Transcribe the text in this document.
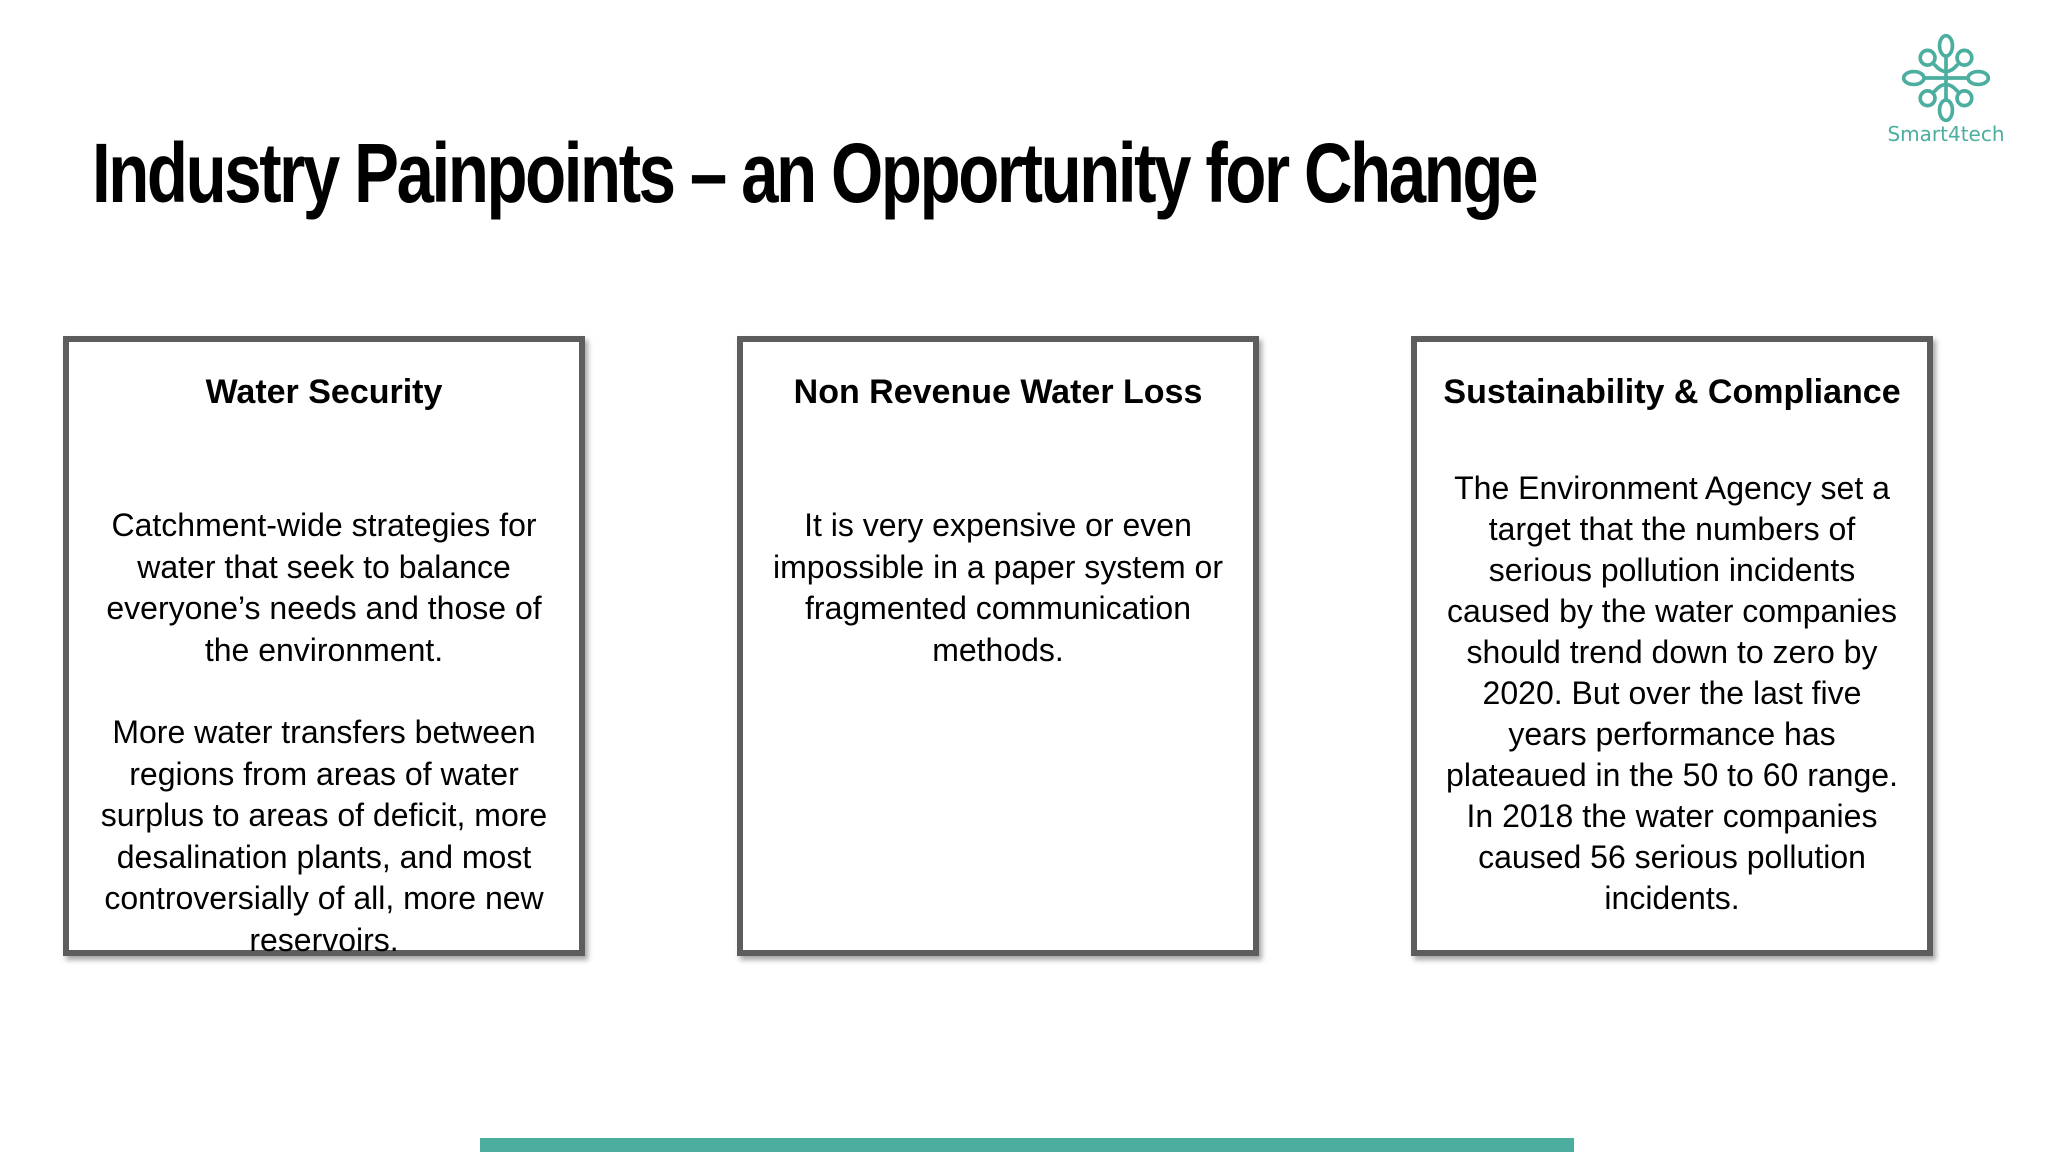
Industry Painpoints – an Opportunity for Change	Smart4tech
Water Security

Catchment-wide strategies for water that seek to balance everyone’s needs and those of the environment.

More water transfers between regions from areas of water surplus to areas of deficit, more desalination plants, and most controversially of all, more new reservoirs.

Non Revenue Water Loss

It is very expensive or even impossible in a paper system or fragmented communication methods.

Sustainability & Compliance

The Environment Agency set a target that the numbers of serious pollution incidents caused by the water companies should trend down to zero by 2020. But over the last five years performance has plateaued in the 50 to 60 range. In 2018 the water companies caused 56 serious pollution incidents.
